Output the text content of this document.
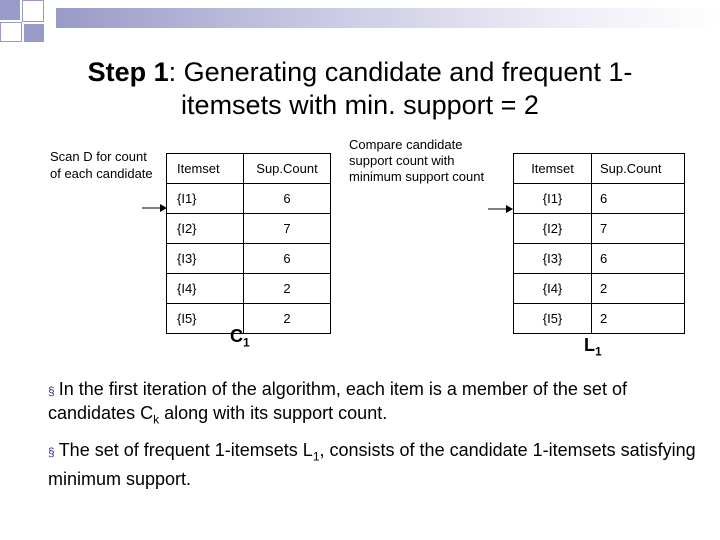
Step 1: Generating candidate and frequent 1-
itemsets with min. support = 2
Scan D for count of each candidate	Itemset	Sup.Count
{I1}	6
{I2}	7
{I3}	6
{I4}	2
{I5}	2
$C_1$
Compare candidate support count with minimum support count
Itemset	Sup.Count
{I1}	6
{I2}	7
{I3}	6
{I4}	2
{I5}	2
$L_1$
§ In the first iteration of the algorithm, each item is a member of the set of candidates $C_k$ along with its support count.
§ The set of frequent 1-itemsets $L_1$, consists of the candidate 1-itemsets satisfying minimum support.
